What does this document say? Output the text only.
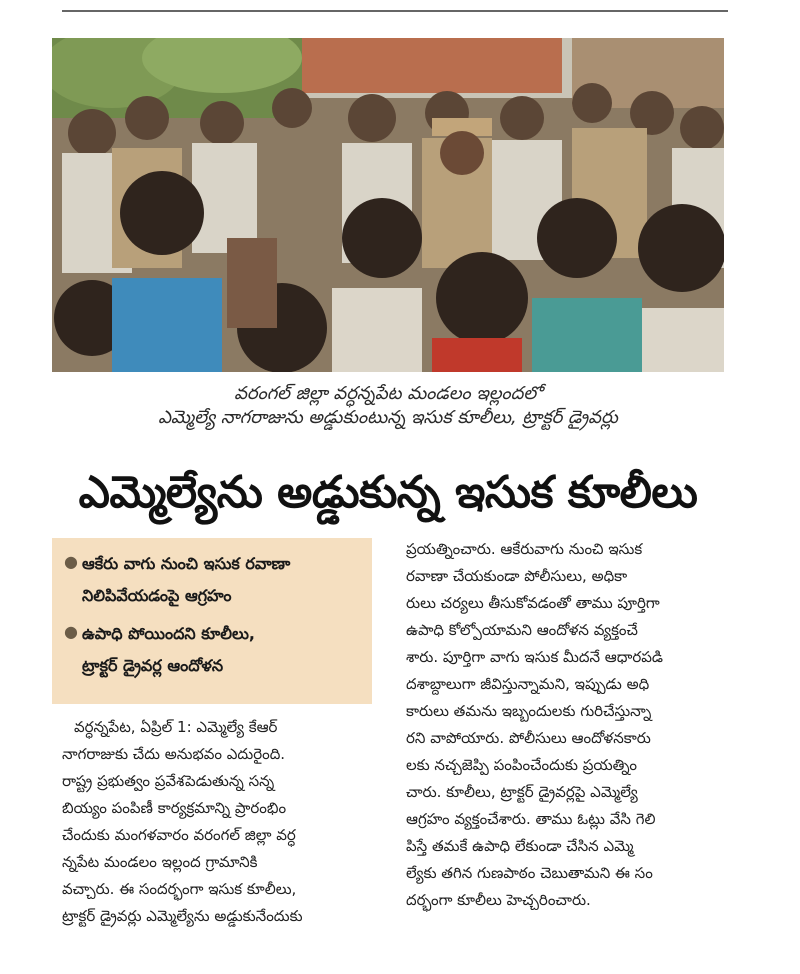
వరంగల్ జిల్లా వర్ధన్నపేట మండలం ఇల్లందలో
ఎమ్మెల్యే నాగరాజును అడ్డుకుంటున్న ఇసుక కూలీలు, ట్రాక్టర్ డ్రైవర్లు
ఎమ్మెల్యేను అడ్డుకున్న ఇసుక కూలీలు
● ఆకేరు వాగు నుంచి ఇసుక రవాణా
నిలిపివేయడంపై ఆగ్రహం
● ఉపాధి పోయిందని కూలీలు,
ట్రాక్టర్ డ్రైవర్ల ఆందోళన
వర్ధన్నపేట, ఏప్రిల్ 1: ఎమ్మెల్యే కేఆర్
నాగరాజుకు చేదు అనుభవం ఎదురైంది.
రాష్ట్ర ప్రభుత్వం ప్రవేశపెడుతున్న సన్న
బియ్యం పంపిణీ కార్యక్రమాన్ని ప్రారంభిం
చేందుకు మంగళవారం వరంగల్ జిల్లా వర్ధ
న్నపేట మండలం ఇల్లంద గ్రామానికి
వచ్చారు. ఈ సందర్భంగా ఇసుక కూలీలు,
ట్రాక్టర్ డ్రైవర్లు ఎమ్మెల్యేను అడ్డుకునేందుకు
ప్రయత్నించారు. ఆకేరువాగు నుంచి ఇసుక
రవాణా చేయకుండా పోలీసులు, అధికా
రులు చర్యలు తీసుకోవడంతో తాము పూర్తిగా
ఉపాధి కోల్పోయామని ఆందోళన వ్యక్తంచే
శారు. పూర్తిగా వాగు ఇసుక మీదనే ఆధారపడి
దశాబ్దాలుగా జీవిస్తున్నామని, ఇప్పుడు అధి
కారులు తమను ఇబ్బందులకు గురిచేస్తున్నా
రని వాపోయారు. పోలీసులు ఆందోళనకారు
లకు నచ్చజెప్పి పంపించేందుకు ప్రయత్నిం
చారు. కూలీలు, ట్రాక్టర్ డ్రైవర్లపై ఎమ్మెల్యే
ఆగ్రహం వ్యక్తంచేశారు. తాము ఓట్లు వేసి గెలి
పిస్తే తమకే ఉపాధి లేకుండా చేసిన ఎమ్మె
ల్యేకు తగిన గుణపాఠం చెబుతామని ఈ సం
దర్భంగా కూలీలు హెచ్చరించారు.
